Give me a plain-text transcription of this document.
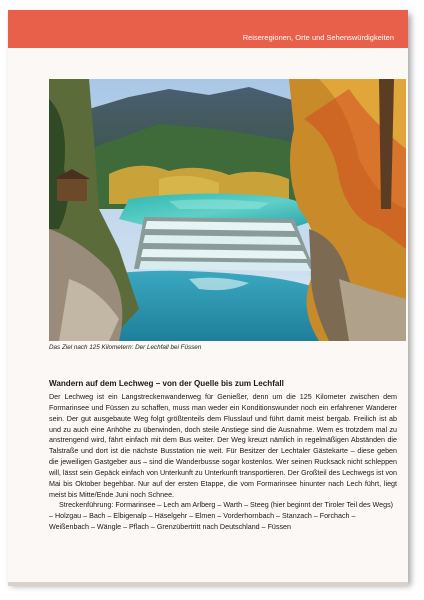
Reiseregionen, Orte und Sehenswürdigkeiten
Das Ziel nach 125 Kilometern: Der Lechfall bei Füssen
Wandern auf dem Lechweg – von der Quelle bis zum Lechfall

Der Lechweg ist ein Langstreckenwanderweg für Genießer, denn um die 125 Kilometer zwischen dem Formarinsee und Füssen zu schaffen, muss man weder ein Konditionswunder noch ein erfahrener Wanderer sein. Der gut ausgebaute Weg folgt größtenteils dem Flusslauf und führt damit meist bergab. Freilich ist ab und zu auch eine Anhöhe zu überwinden, doch steile Anstiege sind die Ausnahme. Wem es trotzdem mal zu anstrengend wird, fährt einfach mit dem Bus weiter. Der Weg kreuzt nämlich in regelmäßigen Abständen die Talstraße und dort ist die nächste Busstation nie weit. Für Besitzer der Lechtaler Gästekarte – diese geben die jeweiligen Gastgeber aus – sind die Wanderbusse sogar kostenlos. Wer seinen Rucksack nicht schleppen will, lässt sein Gepäck einfach von Unterkunft zu Unterkunft transportieren. Der Großteil des Lechwegs ist von Mai bis Oktober begehbar. Nur auf der ersten Etappe, die vom Formarinsee hinunter nach Lech führt, liegt meist bis Mitte/Ende Juni noch Schnee.

Streckenführung: Formarinsee – Lech am Arlberg – Warth – Steeg (hier beginnt der Tiroler Teil des Wegs) – Holzgau – Bach – Elbigenalp – Häselgehr – Elmen – Vorderhornbach – Stanzach – Forchach – Weißenbach – Wängle – Pflach – Grenzübertritt nach Deutschland – Füssen
